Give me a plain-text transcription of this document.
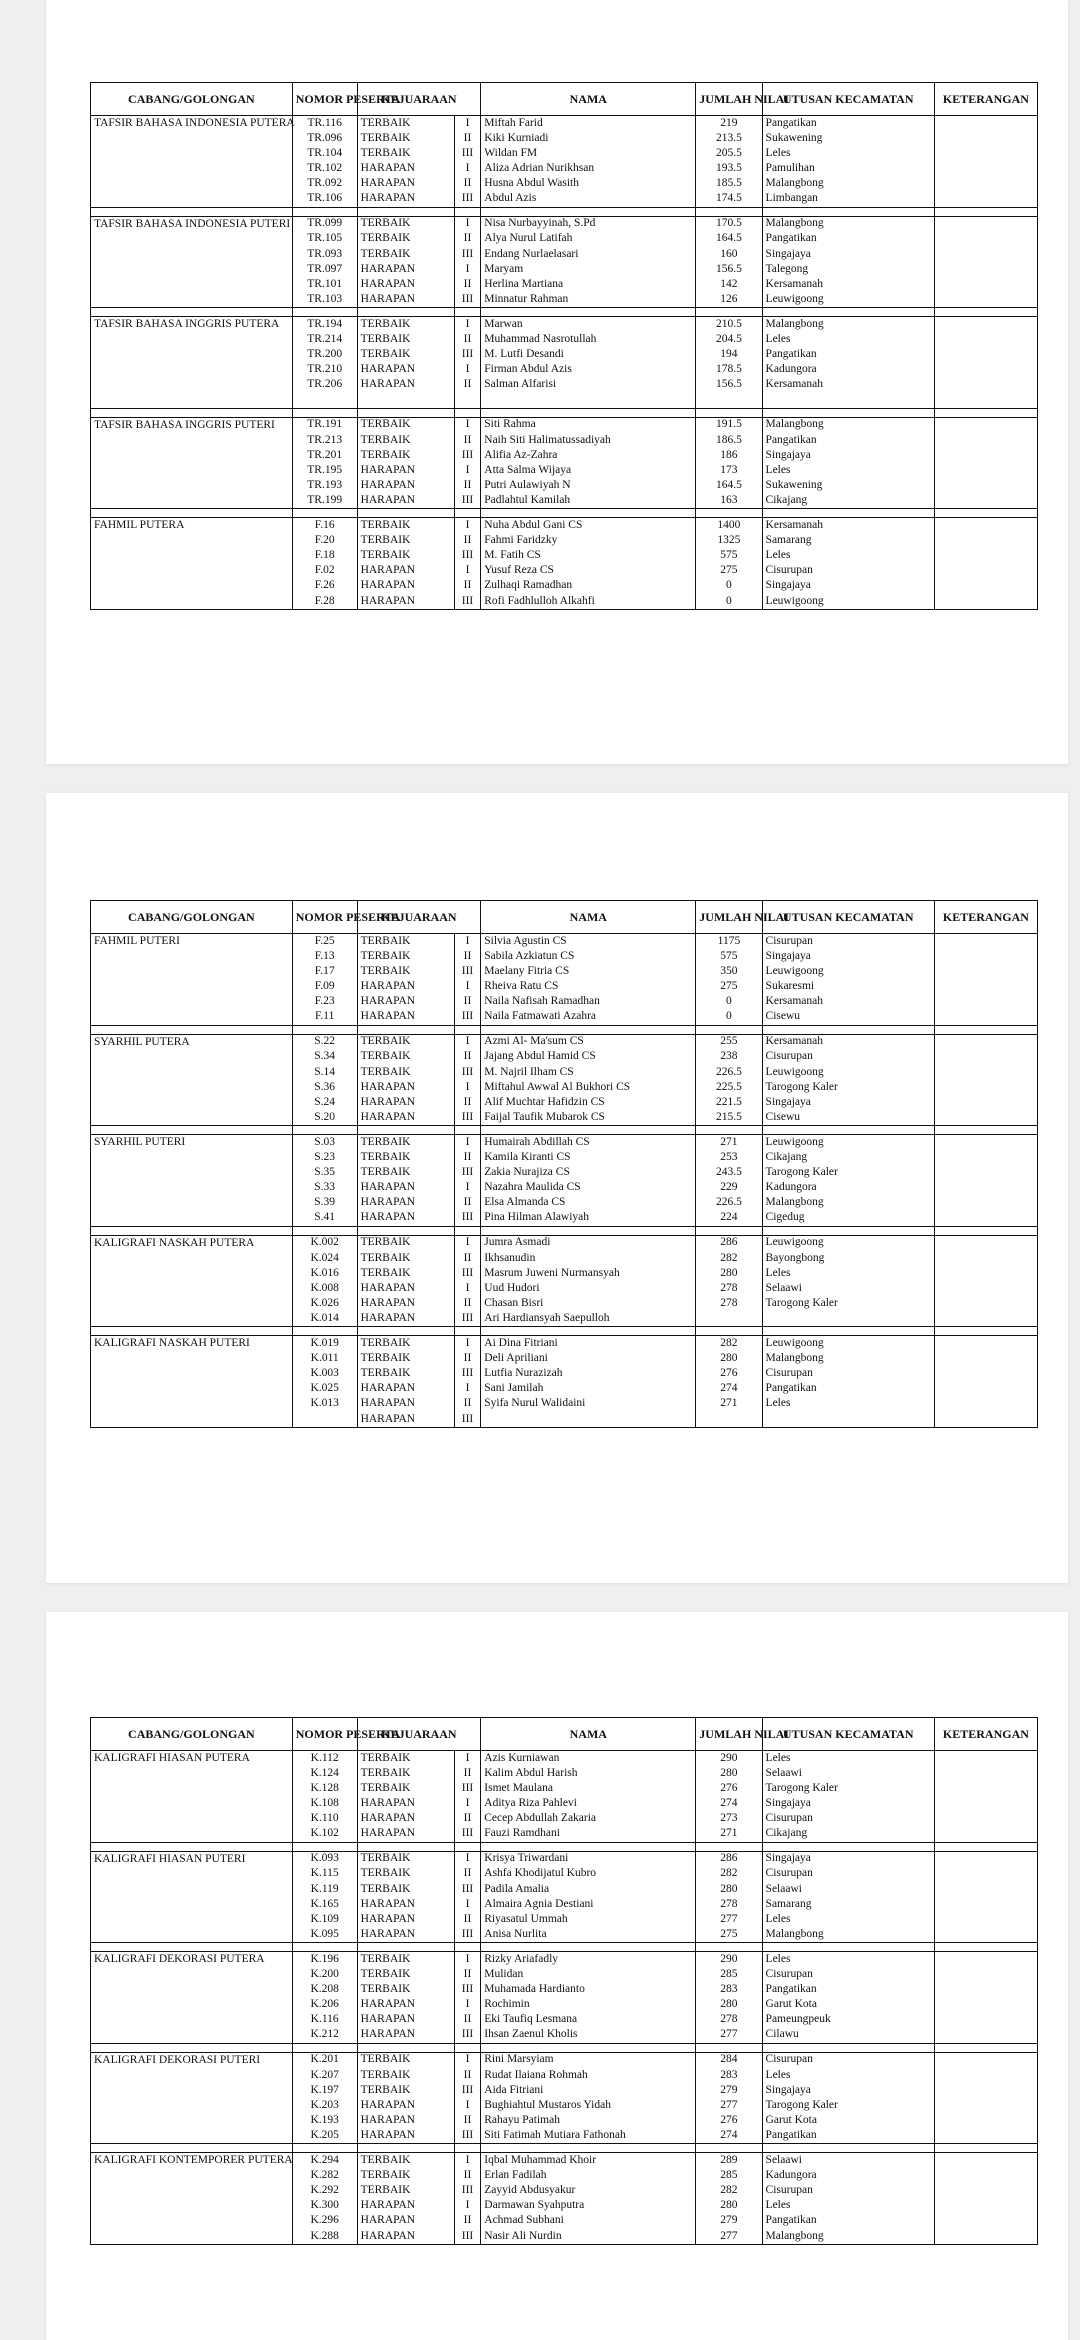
CABANG/GOLONGAN	NOMOR PESERTA	KEJUARAAN		NAMA	JUMLAH NILAI	UTUSAN KECAMATAN	KETERANGAN

TAFSIR BAHASA INDONESIA PUTERA	TR.116	TERBAIK	I	Miftah Farid	219	Pangatikan	
	TR.096	TERBAIK	II	Kiki Kurniadi	213.5	Sukawening	
	TR.104	TERBAIK	III	Wildan FM	205.5	Leles	
	TR.102	HARAPAN	I	Aliza Adrian Nurikhsan	193.5	Pamulihan	
	TR.092	HARAPAN	II	Husna Abdul Wasith	185.5	Malangbong	
	TR.106	HARAPAN	III	Abdul Azis	174.5	Limbangan	

TAFSIR BAHASA INDONESIA PUTERI	TR.099	TERBAIK	I	Nisa Nurbayyinah, S.Pd	170.5	Malangbong	
	TR.105	TERBAIK	II	Alya Nurul Latifah	164.5	Pangatikan	
	TR.093	TERBAIK	III	Endang Nurlaelasari	160	Singajaya	
	TR.097	HARAPAN	I	Maryam	156.5	Talegong	
	TR.101	HARAPAN	II	Herlina Martiana	142	Kersamanah	
	TR.103	HARAPAN	III	Minnatur Rahman	126	Leuwigoong	

TAFSIR BAHASA INGGRIS PUTERA	TR.194	TERBAIK	I	Marwan	210.5	Malangbong	
	TR.214	TERBAIK	II	Muhammad Nasrotullah	204.5	Leles	
	TR.200	TERBAIK	III	M. Lutfi Desandi	194	Pangatikan	
	TR.210	HARAPAN	I	Firman Abdul Azis	178.5	Kadungora	
	TR.206	HARAPAN	II	Salman Alfarisi	156.5	Kersamanah	

TAFSIR BAHASA INGGRIS PUTERI	TR.191	TERBAIK	I	Siti Rahma	191.5	Malangbong	
	TR.213	TERBAIK	II	Naih Siti Halimatussadiyah	186.5	Pangatikan	
	TR.201	TERBAIK	III	Alifia Az-Zahra	186	Singajaya	
	TR.195	HARAPAN	I	Atta Salma Wijaya	173	Leles	
	TR.193	HARAPAN	II	Putri Aulawiyah N	164.5	Sukawening	
	TR.199	HARAPAN	III	Padlahtul Kamilah	163	Cikajang	

FAHMIL PUTERA	F.16	TERBAIK	I	Nuha Abdul Gani CS	1400	Kersamanah	
	F.20	TERBAIK	II	Fahmi Faridzky	1325	Samarang	
	F.18	TERBAIK	III	M. Fatih CS	575	Leles	
	F.02	HARAPAN	I	Yusuf Reza CS	275	Cisurupan	
	F.26	HARAPAN	II	Zulhaqi Ramadhan	0	Singajaya	
	F.28	HARAPAN	III	Rofi Fadhlulloh Alkahfi	0	Leuwigoong	
CABANG/GOLONGAN	NOMOR PESERTA	KEJUARAAN		NAMA	JUMLAH NILAI	UTUSAN KECAMATAN	KETERANGAN

FAHMIL PUTERI	F.25	TERBAIK	I	Silvia Agustin CS	1175	Cisurupan	
	F.13	TERBAIK	II	Sabila Azkiatun CS	575	Singajaya	
	F.17	TERBAIK	III	Maelany Fitria CS	350	Leuwigoong	
	F.09	HARAPAN	I	Rheiva Ratu CS	275	Sukaresmi	
	F.23	HARAPAN	II	Naila Nafisah Ramadhan	0	Kersamanah	
	F.11	HARAPAN	III	Naila Fatmawati Azahra	0	Cisewu	

SYARHIL PUTERA	S.22	TERBAIK	I	Azmi Al- Ma'sum CS	255	Kersamanah	
	S.34	TERBAIK	II	Jajang Abdul Hamid CS	238	Cisurupan	
	S.14	TERBAIK	III	M. Najril Ilham CS	226.5	Leuwigoong	
	S.36	HARAPAN	I	Miftahul Awwal Al Bukhori CS	225.5	Tarogong Kaler	
	S.24	HARAPAN	II	Alif Muchtar Hafidzin CS	221.5	Singajaya	
	S.20	HARAPAN	III	Faijal Taufik Mubarok CS	215.5	Cisewu	

SYARHIL PUTERI	S.03	TERBAIK	I	Humairah Abdillah CS	271	Leuwigoong	
	S.23	TERBAIK	II	Kamila Kiranti CS	253	Cikajang	
	S.35	TERBAIK	III	Zakia Nurajiza CS	243.5	Tarogong Kaler	
	S.33	HARAPAN	I	Nazahra Maulida CS	229	Kadungora	
	S.39	HARAPAN	II	Elsa Almanda CS	226.5	Malangbong	
	S.41	HARAPAN	III	Pina Hilman Alawiyah	224	Cigedug	

KALIGRAFI NASKAH PUTERA	K.002	TERBAIK	I	Jumra Asmadi	286	Leuwigoong	
	K.024	TERBAIK	II	Ikhsanudin	282	Bayongbong	
	K.016	TERBAIK	III	Masrum Juweni Nurmansyah	280	Leles	
	K.008	HARAPAN	I	Uud Hudori	278	Selaawi	
	K.026	HARAPAN	II	Chasan Bisri	278	Tarogong Kaler	
	K.014	HARAPAN	III	Ari Hardiansyah Saepulloh			

KALIGRAFI NASKAH PUTERI	K.019	TERBAIK	I	Ai Dina Fitriani	282	Leuwigoong	
	K.011	TERBAIK	II	Deli Apriliani	280	Malangbong	
	K.003	TERBAIK	III	Lutfia Nurazizah	276	Cisurupan	
	K.025	HARAPAN	I	Sani Jamilah	274	Pangatikan	
	K.013	HARAPAN	II	Syifa Nurul Walidaini	271	Leles	
		HARAPAN	III				
CABANG/GOLONGAN	NOMOR PESERTA	KEJUARAAN		NAMA	JUMLAH NILAI	UTUSAN KECAMATAN	KETERANGAN

KALIGRAFI HIASAN PUTERA	K.112	TERBAIK	I	Azis Kurniawan	290	Leles	
	K.124	TERBAIK	II	Kalim Abdul Harish	280	Selaawi	
	K.128	TERBAIK	III	Ismet Maulana	276	Tarogong Kaler	
	K.108	HARAPAN	I	Aditya Riza Pahlevi	274	Singajaya	
	K.110	HARAPAN	II	Cecep Abdullah Zakaria	273	Cisurupan	
	K.102	HARAPAN	III	Fauzi Ramdhani	271	Cikajang	

KALIGRAFI HIASAN PUTERI	K.093	TERBAIK	I	Krisya Triwardani	286	Singajaya	
	K.115	TERBAIK	II	Ashfa Khodijatul Kubro	282	Cisurupan	
	K.119	TERBAIK	III	Padila Amalia	280	Selaawi	
	K.165	HARAPAN	I	Almaira Agnia Destiani	278	Samarang	
	K.109	HARAPAN	II	Riyasatul Ummah	277	Leles	
	K.095	HARAPAN	III	Anisa Nurlita	275	Malangbong	

KALIGRAFI DEKORASI PUTERA	K.196	TERBAIK	I	Rizky Ariafadly	290	Leles	
	K.200	TERBAIK	II	Mulidan	285	Cisurupan	
	K.208	TERBAIK	III	Muhamada Hardianto	283	Pangatikan	
	K.206	HARAPAN	I	Rochimin	280	Garut Kota	
	K.116	HARAPAN	II	Eki Taufiq Lesmana	278	Pameungpeuk	
	K.212	HARAPAN	III	Ihsan Zaenul Kholis	277	Cilawu	

KALIGRAFI DEKORASI PUTERI	K.201	TERBAIK	I	Rini Marsyiam	284	Cisurupan	
	K.207	TERBAIK	II	Rudat Ilaiana Rohmah	283	Leles	
	K.197	TERBAIK	III	Aida Fitriani	279	Singajaya	
	K.203	HARAPAN	I	Bughiahtul Mustaros Yidah	277	Tarogong Kaler	
	K.193	HARAPAN	II	Rahayu Patimah	276	Garut Kota	
	K.205	HARAPAN	III	Siti Fatimah Mutiara Fathonah	274	Pangatikan	

KALIGRAFI KONTEMPORER PUTERA	K.294	TERBAIK	I	Iqbal Muhammad Khoir	289	Selaawi	
	K.282	TERBAIK	II	Erlan Fadilah	285	Kadungora	
	K.292	TERBAIK	III	Zayyid Abdusyakur	282	Cisurupan	
	K.300	HARAPAN	I	Darmawan Syahputra	280	Leles	
	K.296	HARAPAN	II	Achmad Subhani	279	Pangatikan	
	K.288	HARAPAN	III	Nasir Ali Nurdin	277	Malangbong	
